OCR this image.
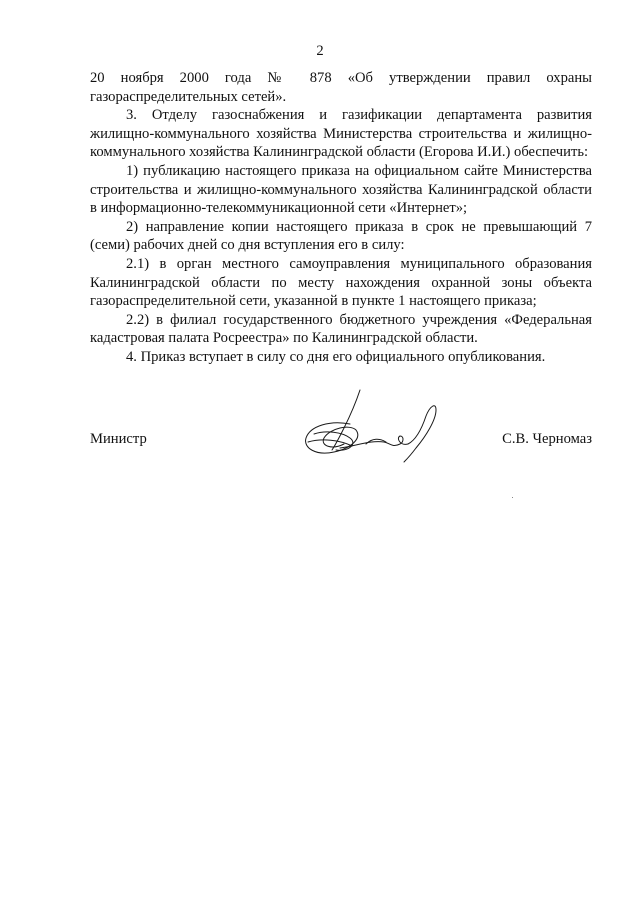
2

20 ноября 2000 года № 878 «Об утверждении правил охраны
газораспределительных сетей».

3. Отделу газоснабжения и газификации департамента развития жилищно-коммунального хозяйства Министерства строительства и жилищно-коммунального хозяйства Калининградской области (Егорова И.И.) обеспечить:

1) публикацию настоящего приказа на официальном сайте Министерства строительства и жилищно-коммунального хозяйства Калининградской области в информационно-телекоммуникационной сети «Интернет»;

2) направление копии настоящего приказа в срок не превышающий 7 (семи) рабочих дней со дня вступления его в силу:

2.1) в орган местного самоуправления муниципального образования Калининградской области по месту нахождения охранной зоны объекта газораспределительной сети, указанной в пункте 1 настоящего приказа;

2.2) в филиал государственного бюджетного учреждения «Федеральная кадастровая палата Росреестра» по Калининградской области.

4. Приказ вступает в силу со дня его официального опубликования.

Министр	С.В. Черномаз
